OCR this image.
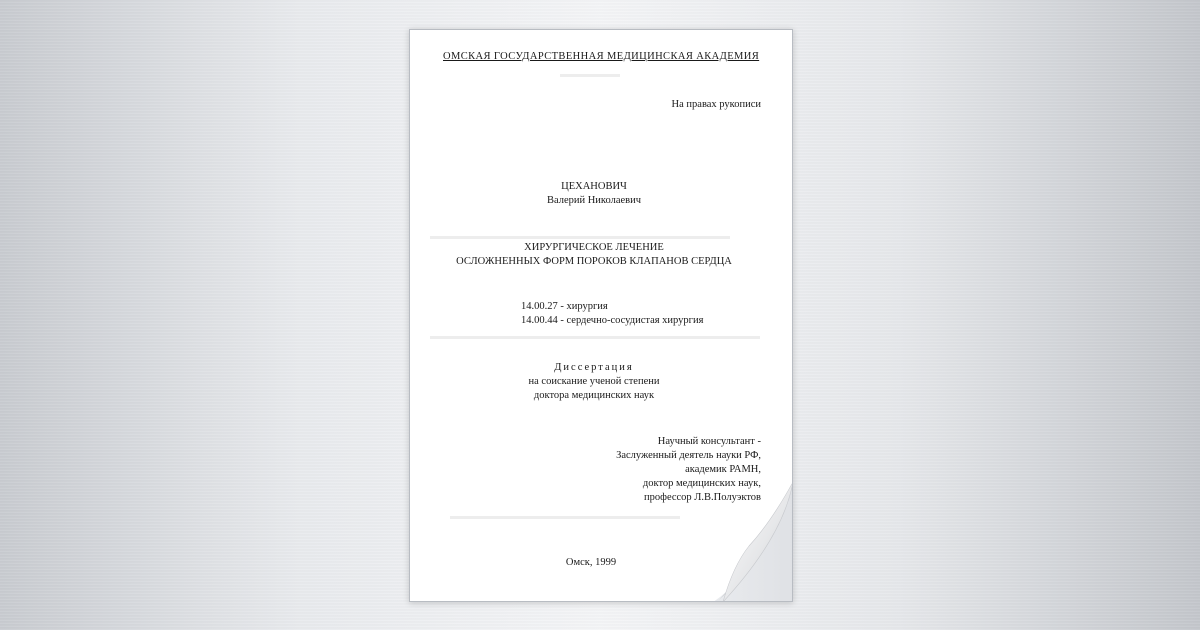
▬▬▬▬▬▬
▬▬▬▬▬▬▬▬▬▬▬▬▬▬▬▬▬▬▬▬▬▬▬▬▬▬▬▬▬▬
▬▬▬▬▬▬▬▬▬▬▬▬▬▬▬▬▬▬▬▬▬▬▬▬▬▬▬▬▬▬▬▬▬
▬▬▬▬▬▬▬▬▬▬▬▬▬▬▬▬▬▬▬▬▬▬▬
ОМСКАЯ ГОСУДАРСТВЕННАЯ МЕДИЦИНСКАЯ АКАДЕМИЯ
На правах рукописи
ЦЕХАНОВИЧ
Валерий Николаевич
ХИРУРГИЧЕСКОЕ ЛЕЧЕНИЕ
ОСЛОЖНЕННЫХ ФОРМ ПОРОКОВ КЛАПАНОВ СЕРДЦА
14.00.27 - хирургия
14.00.44 - сердечно-сосудистая хирургия
Диссертация
на соискание ученой степени
доктора медицинских наук
Научный консультант -
Заслуженный деятель науки РФ,
академик РАМН,
доктор медицинских наук,
профессор Л.В.Полуэктов
Омск, 1999
